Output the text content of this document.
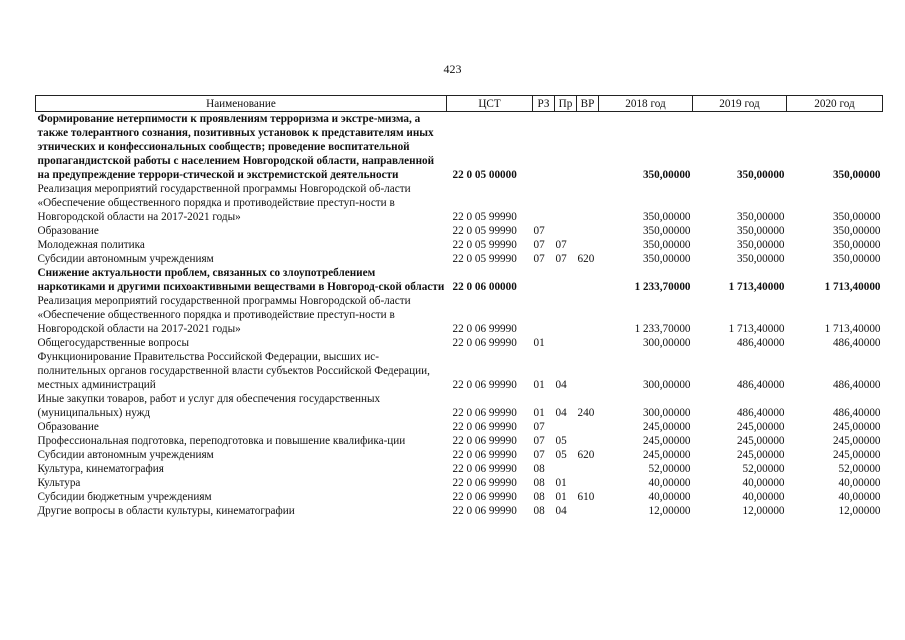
423
Наименование	ЦСТ	РЗ	Пр	ВР	2018 год	2019 год	2020 год
Формирование нетерпимости к проявлениям терроризма и экстре-мизма, а также толерантного сознания, позитивных установок к представителям иных этнических и конфессиональных сообществ; проведение воспитательной пропагандистской работы с населением Новгородской области, направленной на предупреждение террори-стической и экстремистской деятельности	22 0 05 00000				350,00000	350,00000	350,00000
Реализация мероприятий государственной программы Новгородской об-ласти «Обеспечение общественного порядка и противодействие преступ-ности в Новгородской области на 2017-2021 годы»	22 0 05 99990				350,00000	350,00000	350,00000
Образование	22 0 05 99990	07			350,00000	350,00000	350,00000
Молодежная политика	22 0 05 99990	07	07		350,00000	350,00000	350,00000
Субсидии автономным учреждениям	22 0 05 99990	07	07	620	350,00000	350,00000	350,00000
Снижение актуальности проблем, связанных со злоупотреблением наркотиками и другими психоактивными веществами в Новгород-ской области	22 0 06 00000				1 233,70000	1 713,40000	1 713,40000
Реализация мероприятий государственной программы Новгородской об-ласти «Обеспечение общественного порядка и противодействие преступ-ности в Новгородской области на 2017-2021 годы»	22 0 06 99990				1 233,70000	1 713,40000	1 713,40000
Общегосударственные вопросы	22 0 06 99990	01			300,00000	486,40000	486,40000
Функционирование Правительства Российской Федерации, высших ис-полнительных органов государственной власти субъектов Российской Федерации, местных администраций	22 0 06 99990	01	04		300,00000	486,40000	486,40000
Иные закупки товаров, работ и услуг для обеспечения государственных (муниципальных) нужд	22 0 06 99990	01	04	240	300,00000	486,40000	486,40000
Образование	22 0 06 99990	07			245,00000	245,00000	245,00000
Профессиональная подготовка, переподготовка и повышение квалифика-ции	22 0 06 99990	07	05		245,00000	245,00000	245,00000
Субсидии автономным учреждениям	22 0 06 99990	07	05	620	245,00000	245,00000	245,00000
Культура, кинематография	22 0 06 99990	08			52,00000	52,00000	52,00000
Культура	22 0 06 99990	08	01		40,00000	40,00000	40,00000
Субсидии бюджетным учреждениям	22 0 06 99990	08	01	610	40,00000	40,00000	40,00000
Другие вопросы в области культуры, кинематографии	22 0 06 99990	08	04		12,00000	12,00000	12,00000
